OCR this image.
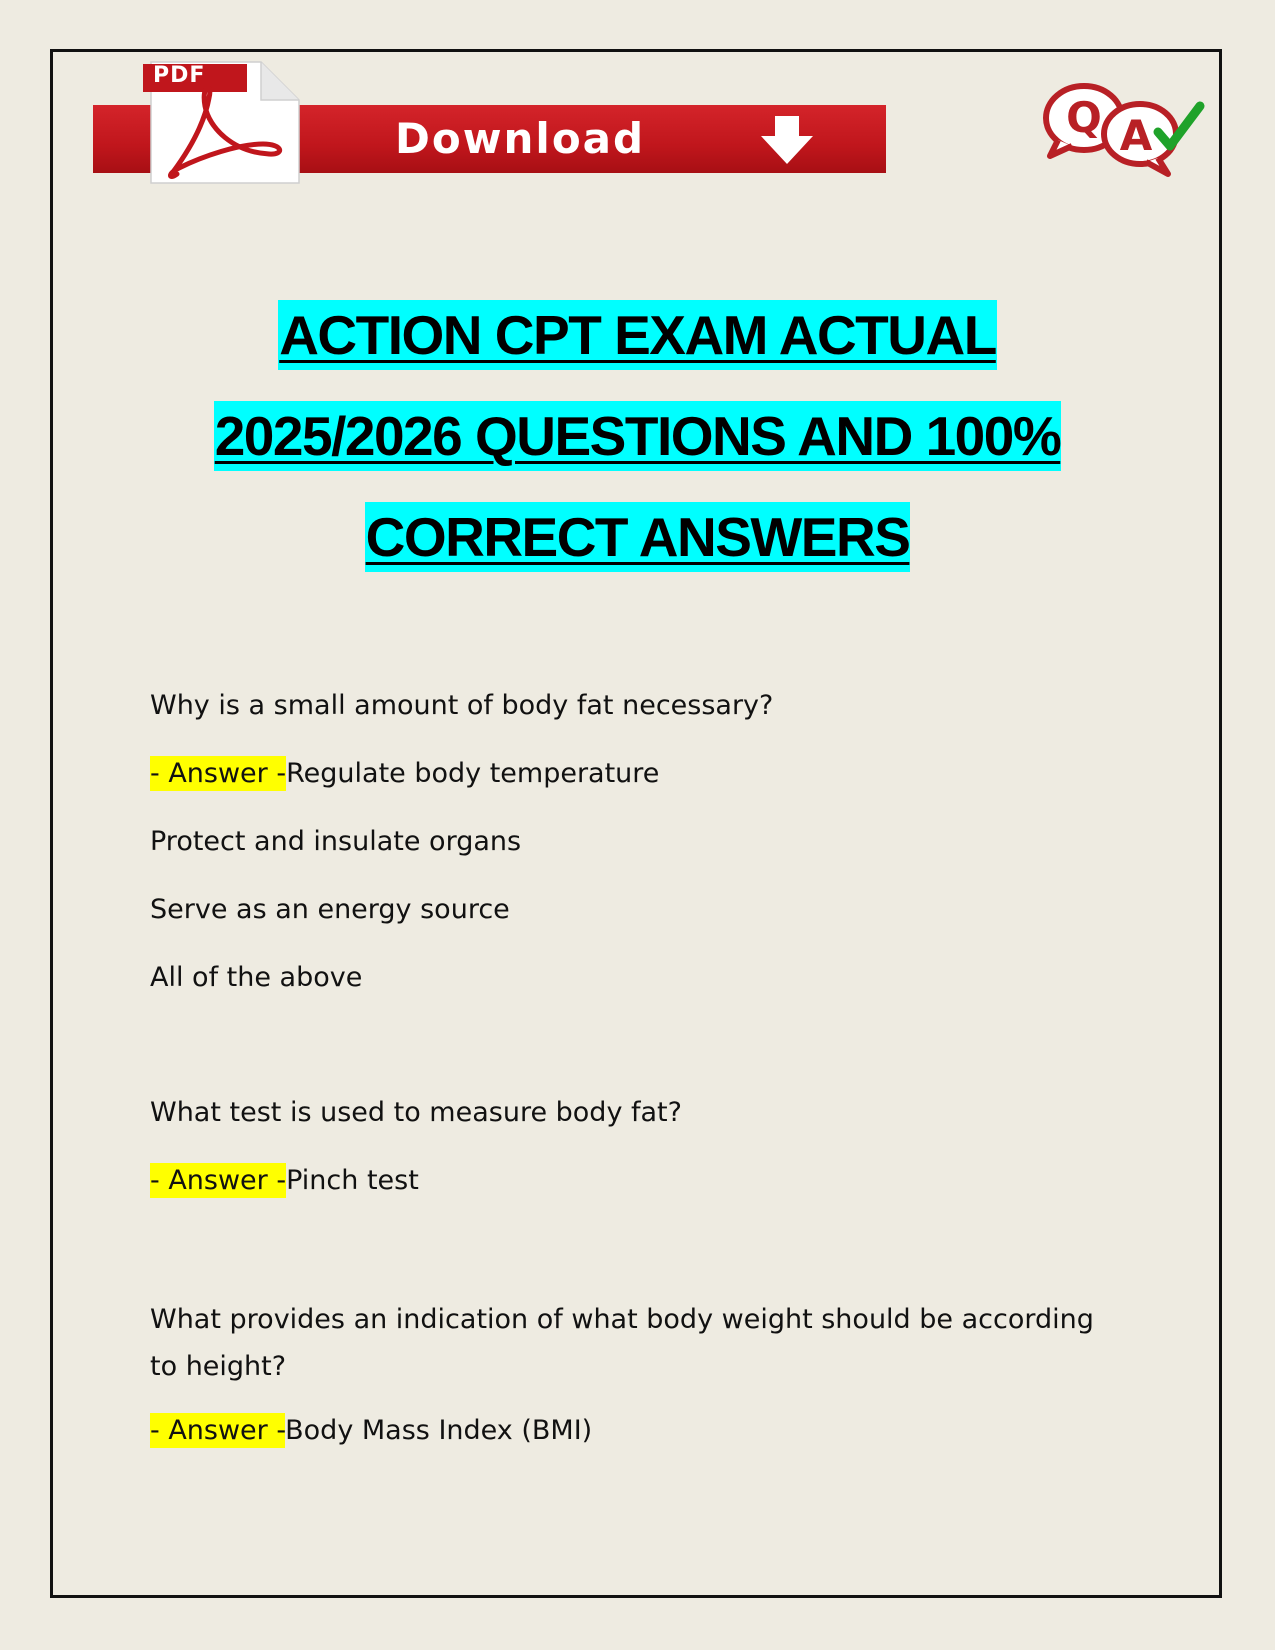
PDF
Download	Q A
ACTION CPT EXAM ACTUAL
2025/2026 QUESTIONS AND 100%
CORRECT ANSWERS
Why is a small amount of body fat necessary?
- Answer -Regulate body temperature
Protect and insulate organs
Serve as an energy source
All of the above
What test is used to measure body fat?
- Answer -Pinch test
What provides an indication of what body weight should be according to height?
- Answer -Body Mass Index (BMI)
